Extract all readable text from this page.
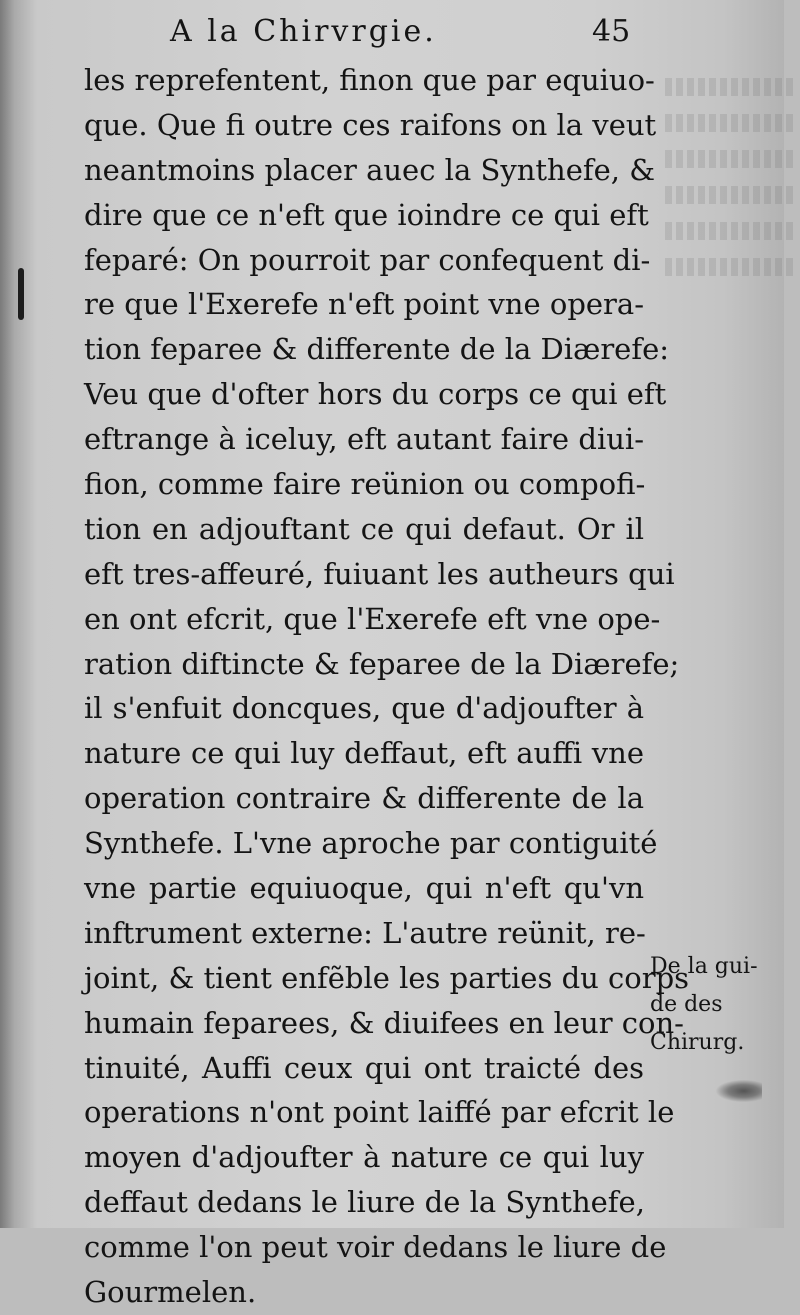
A la Chirvrgie.	45
les reprefentent, finon que par equiuo-
que. Que fi outre ces raifons on la veut
neantmoins placer auec la Synthefe, &
dire que ce n'eft que ioindre ce qui eft
feparé: On pourroit par confequent di-
re que l'Exerefe n'eft point vne opera-
tion feparee & differente de la Diærefe:
Veu que d'ofter hors du corps ce qui eft
eftrange à iceluy, eft autant faire diui-
fion, comme faire reünion ou compofi-
tion en adjouftant ce qui defaut. Or il
eft tres-affeuré, fuiuant les autheurs qui
en ont efcrit, que l'Exerefe eft vne ope-
ration diftincte & feparee de la Diærefe;
il s'enfuit doncques, que d'adjoufter à
nature ce qui luy deffaut, eft auffi vne
operation contraire & differente de la
Synthefe. L'vne aproche par contiguité
vne partie equiuoque, qui n'eft qu'vn
inftrument externe: L'autre reünit, re-
joint, & tient enfẽble les parties du corps
humain feparees, & diuifees en leur con-
tinuité, Auffi ceux qui ont traicté des
operations n'ont point laiffé par efcrit le
moyen d'adjoufter à nature ce qui luy
deffaut dedans le liure de la Synthefe,
comme l'on peut voir dedans le liure de
Gourmelen.
De la gui-
de des
Chirurg.
